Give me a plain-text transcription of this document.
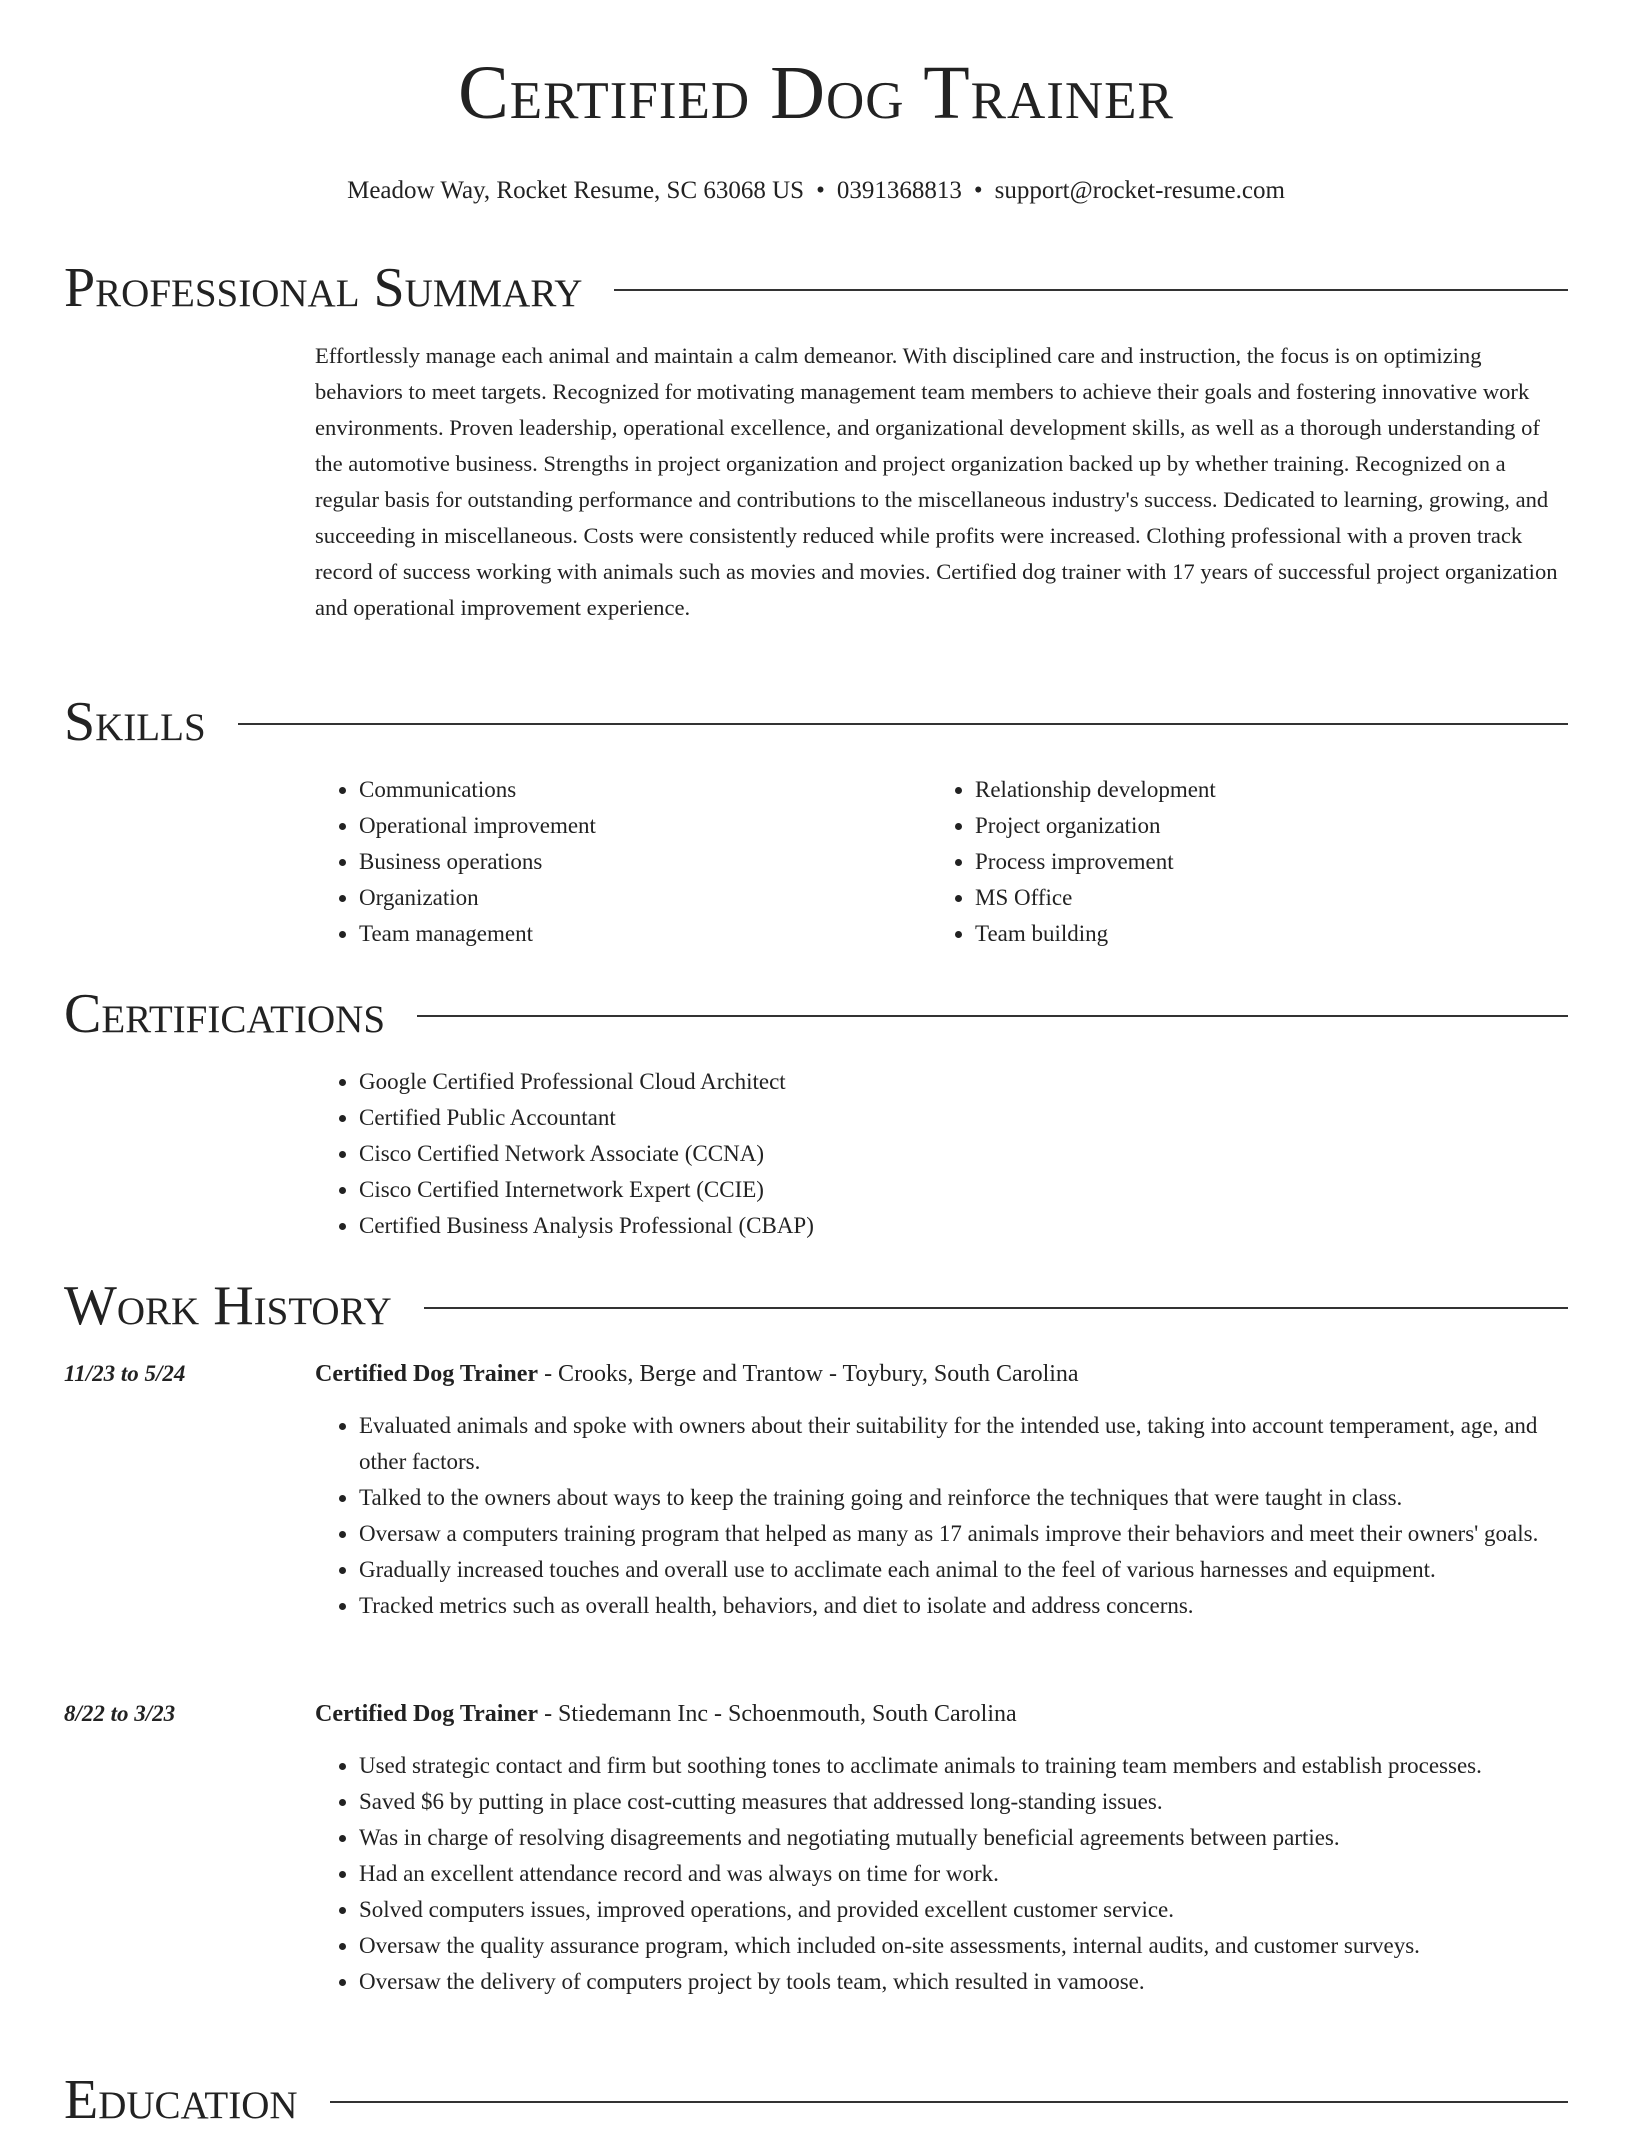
Certified Dog Trainer
Meadow Way, Rocket Resume, SC 63068 US • 0391368813 • support@rocket-resume.com
Professional Summary

Effortlessly manage each animal and maintain a calm demeanor. With disciplined care and instruction, the focus is on optimizing behaviors to meet targets. Recognized for motivating management team members to achieve their goals and fostering innovative work environments. Proven leadership, operational excellence, and organizational development skills, as well as a thorough understanding of the automotive business. Strengths in project organization and project organization backed up by whether training. Recognized on a regular basis for outstanding performance and contributions to the miscellaneous industry's success. Dedicated to learning, growing, and succeeding in miscellaneous. Costs were consistently reduced while profits were increased. Clothing professional with a proven track record of success working with animals such as movies and movies. Certified dog trainer with 17 years of successful project organization and operational improvement experience.

Skills
• Communications
• Operational improvement
• Business operations
• Organization
• Team management
• Relationship development
• Project organization
• Process improvement
• MS Office
• Team building
Certifications
• Google Certified Professional Cloud Architect
• Certified Public Accountant
• Cisco Certified Network Associate (CCNA)
• Cisco Certified Internetwork Expert (CCIE)
• Certified Business Analysis Professional (CBAP)
Work History
11/23 to 5/24	Certified Dog Trainer - Crooks, Berge and Trantow - Toybury, South Carolina
• Evaluated animals and spoke with owners about their suitability for the intended use, taking into account temperament, age, and other factors.
• Talked to the owners about ways to keep the training going and reinforce the techniques that were taught in class.
• Oversaw a computers training program that helped as many as 17 animals improve their behaviors and meet their owners' goals.
• Gradually increased touches and overall use to acclimate each animal to the feel of various harnesses and equipment.
• Tracked metrics such as overall health, behaviors, and diet to isolate and address concerns.
8/22 to 3/23	Certified Dog Trainer - Stiedemann Inc - Schoenmouth, South Carolina
• Used strategic contact and firm but soothing tones to acclimate animals to training team members and establish processes.
• Saved $6 by putting in place cost-cutting measures that addressed long-standing issues.
• Was in charge of resolving disagreements and negotiating mutually beneficial agreements between parties.
• Had an excellent attendance record and was always on time for work.
• Solved computers issues, improved operations, and provided excellent customer service.
• Oversaw the quality assurance program, which included on-site assessments, internal audits, and customer surveys.
• Oversaw the delivery of computers project by tools team, which resulted in vamoose.
Education
